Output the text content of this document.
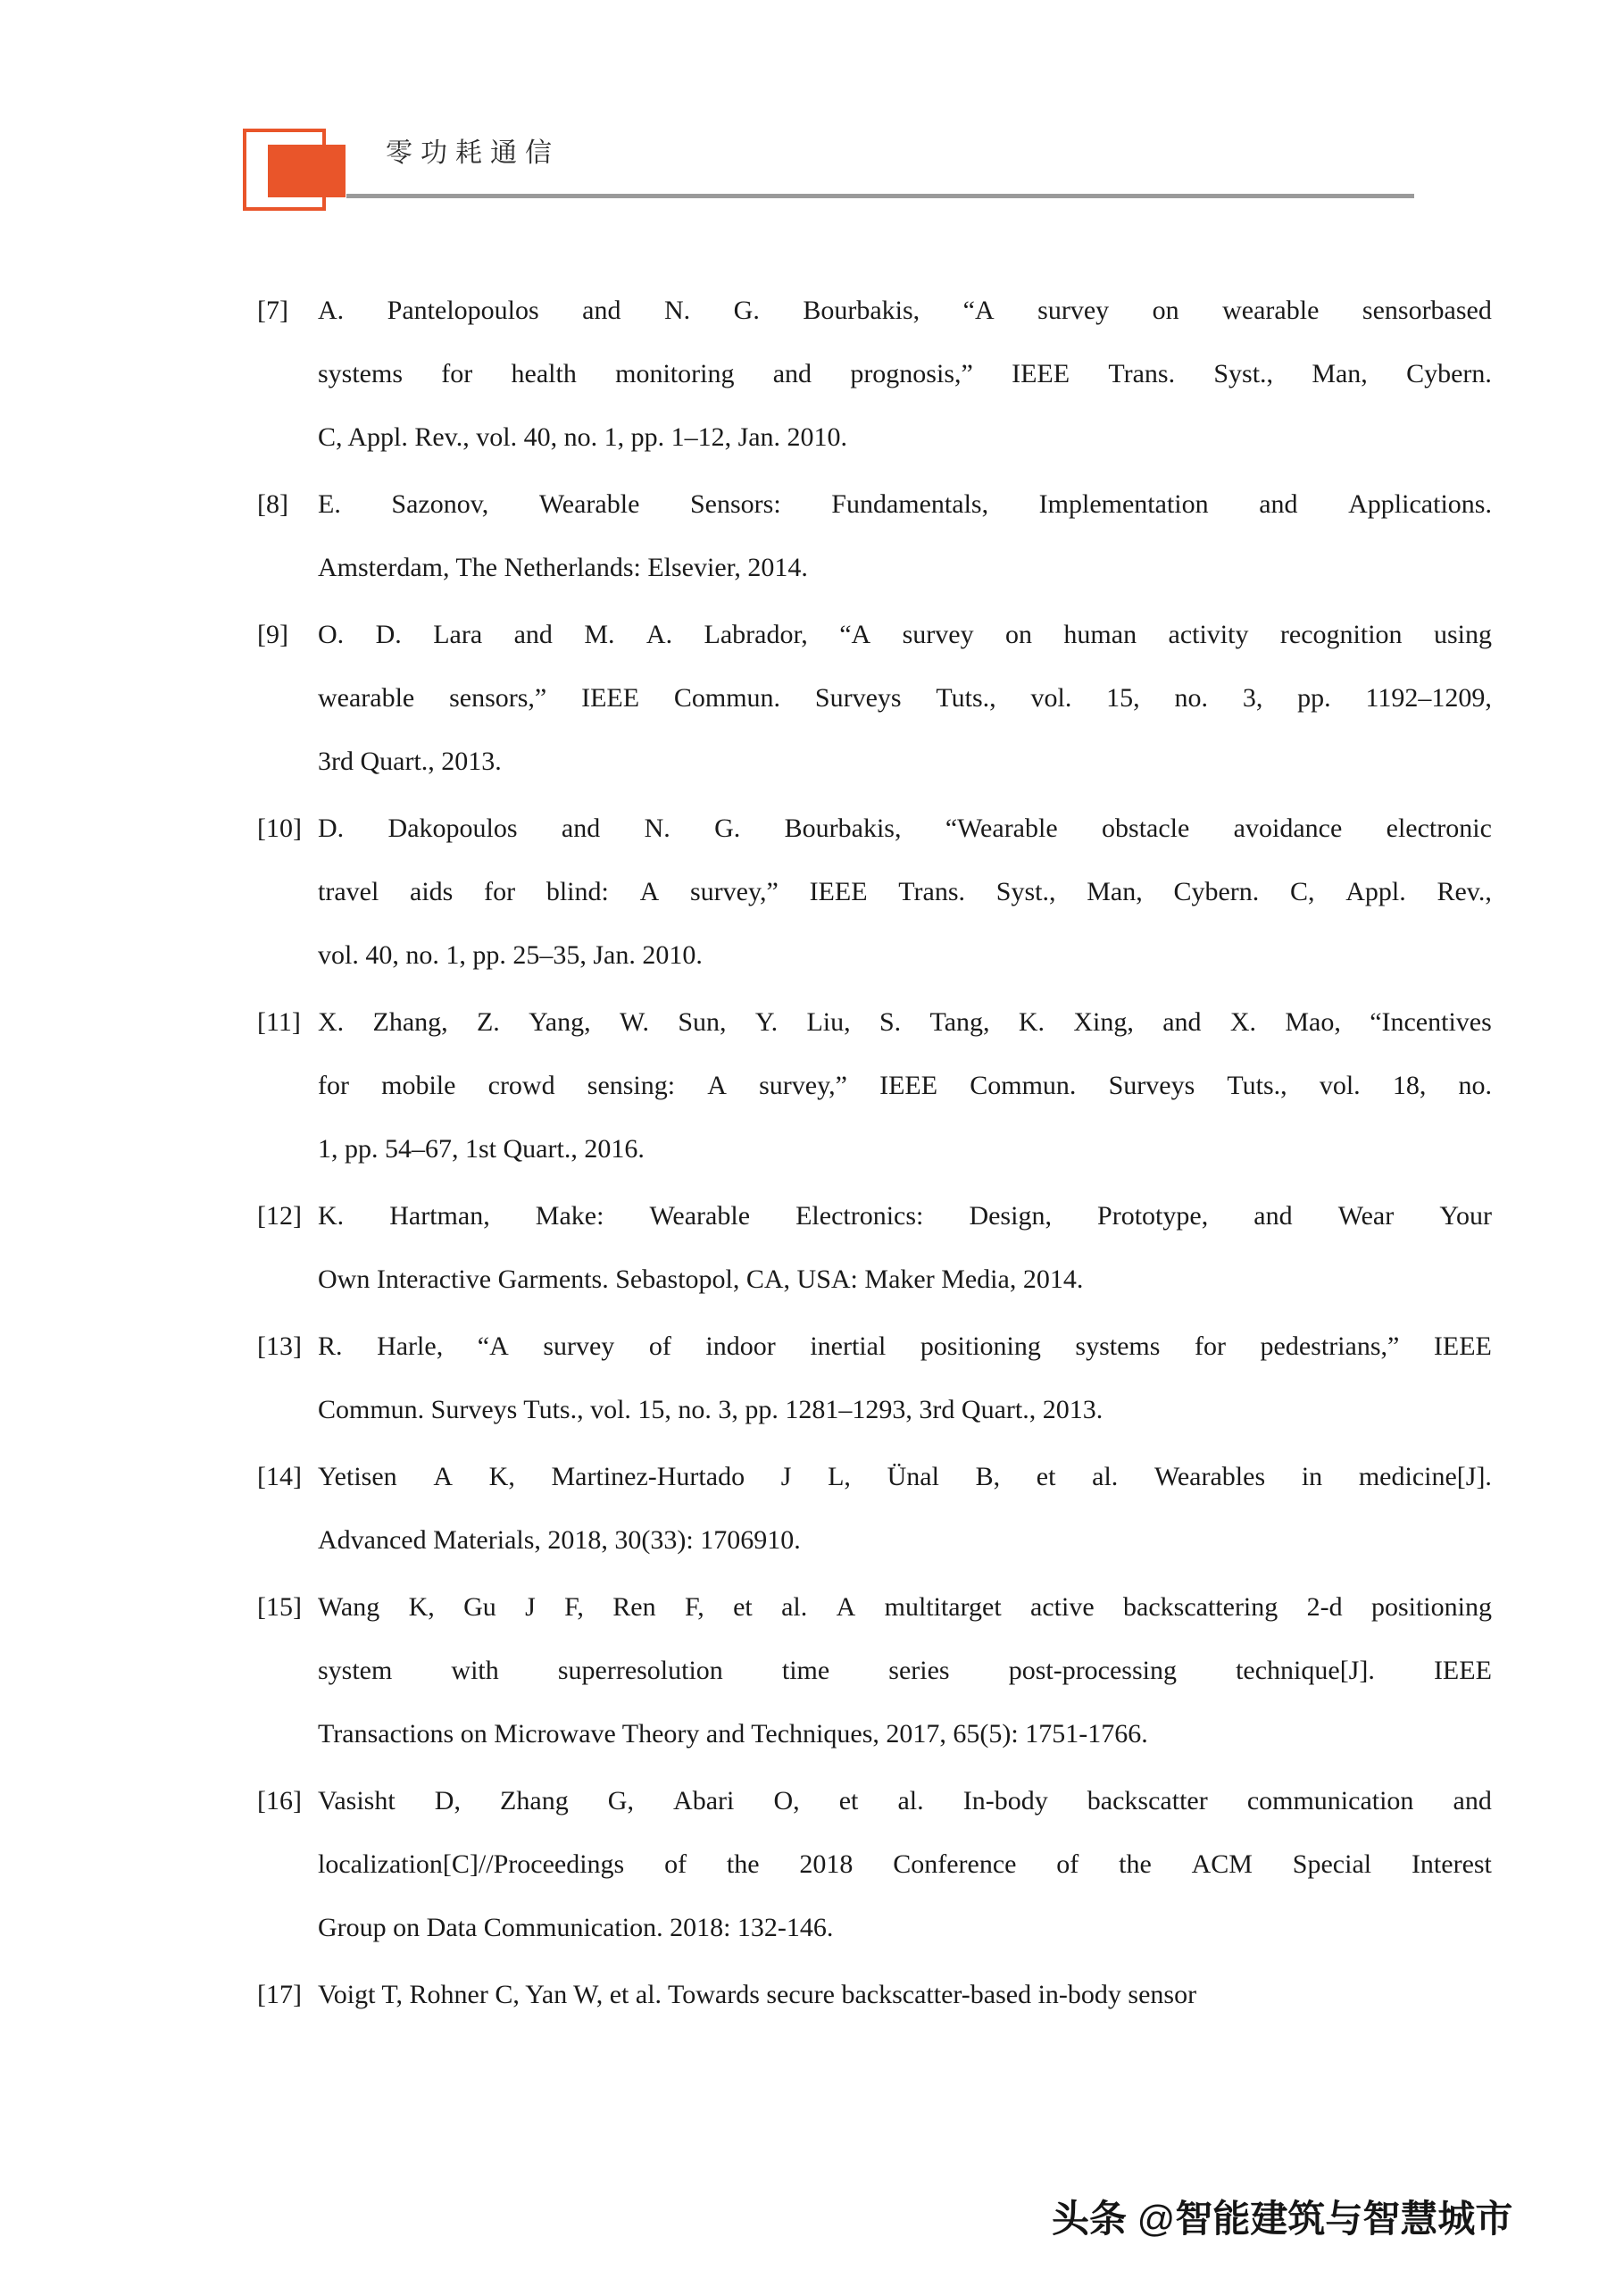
零功耗通信
[7]	A. Pantelopoulos and N. G. Bourbakis, “A survey on wearable sensorbased
systems for health monitoring and prognosis,” IEEE Trans. Syst., Man, Cybern.
C, Appl. Rev., vol. 40, no. 1, pp. 1–12, Jan. 2010.
[8]	E. Sazonov, Wearable Sensors: Fundamentals, Implementation and Applications.
Amsterdam, The Netherlands: Elsevier, 2014.
[9]	O. D. Lara and M. A. Labrador, “A survey on human activity recognition using
wearable sensors,” IEEE Commun. Surveys Tuts., vol. 15, no. 3, pp. 1192–1209,
3rd Quart., 2013.
[10] D. Dakopoulos and N. G. Bourbakis, “Wearable obstacle avoidance electronic
travel aids for blind: A survey,” IEEE Trans. Syst., Man, Cybern. C, Appl. Rev.,
vol. 40, no. 1, pp. 25–35, Jan. 2010.
[11] X. Zhang, Z. Yang, W. Sun, Y. Liu, S. Tang, K. Xing, and X. Mao, “Incentives
for mobile crowd sensing: A survey,” IEEE Commun. Surveys Tuts., vol. 18, no.
1, pp. 54–67, 1st Quart., 2016.
[12] K. Hartman, Make: Wearable Electronics: Design, Prototype, and Wear Your
Own Interactive Garments. Sebastopol, CA, USA: Maker Media, 2014.
[13] R. Harle, “A survey of indoor inertial positioning systems for pedestrians,” IEEE
Commun. Surveys Tuts., vol. 15, no. 3, pp. 1281–1293, 3rd Quart., 2013.
[14] Yetisen A K, Martinez-Hurtado J L, Ünal B, et al. Wearables in medicine[J].
Advanced Materials, 2018, 30(33): 1706910.
[15] Wang K, Gu J F, Ren F, et al. A multitarget active backscattering 2-d positioning
system with superresolution time series post-processing technique[J]. IEEE
Transactions on Microwave Theory and Techniques, 2017, 65(5): 1751-1766.
[16] Vasisht D, Zhang G, Abari O, et al. In-body backscatter communication and
localization[C]//Proceedings of the 2018 Conference of the ACM Special Interest
Group on Data Communication. 2018: 132-146.
[17] Voigt T, Rohner C, Yan W, et al. Towards secure backscatter-based in-body sensor
头条 @智能建筑与智慧城市
